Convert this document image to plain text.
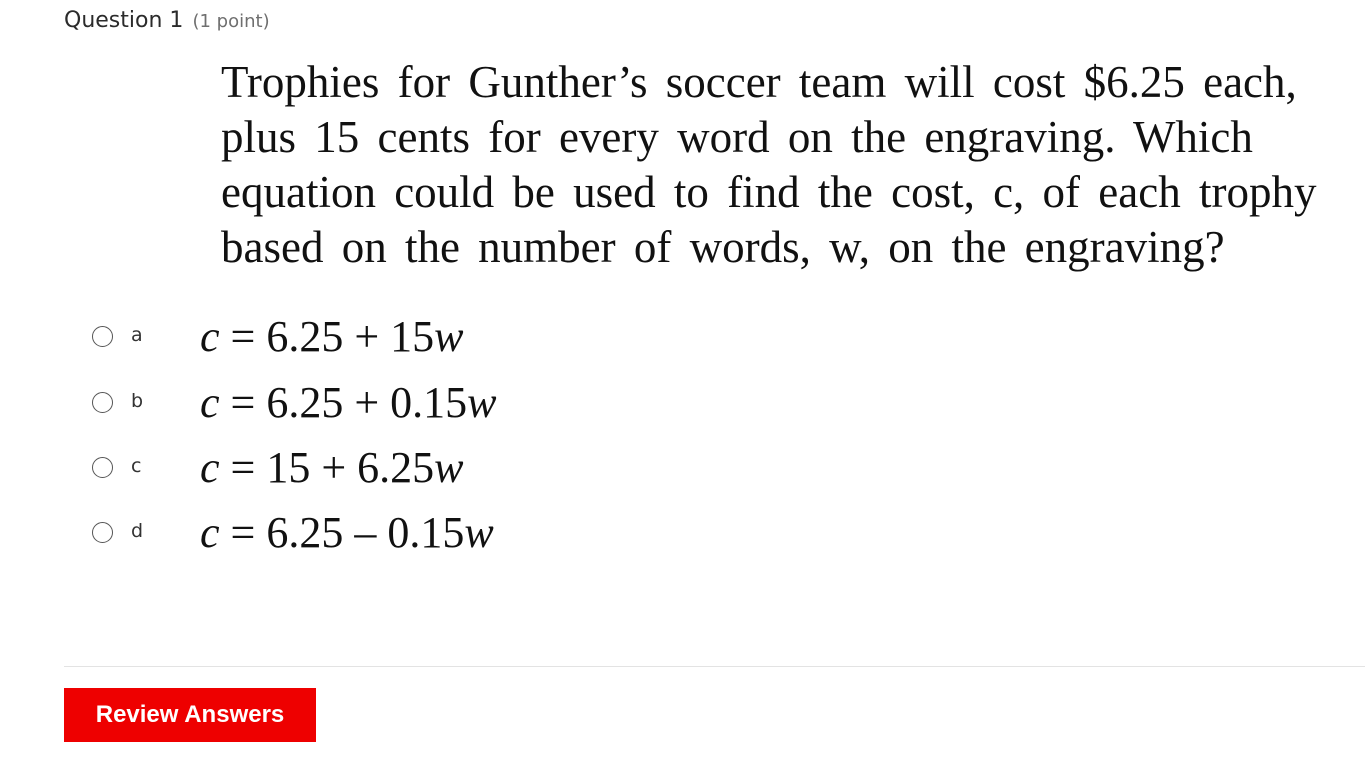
Question 1 (1 point)
Trophies for Gunther’s soccer team will cost $6.25 each,
plus 15 cents for every word on the engraving. Which
equation could be used to find the cost, c, of each trophy
based on the number of words, w, on the engraving?
a c = 6.25 + 15w
b c = 6.25 + 0.15w
c c = 15 + 6.25w
d c = 6.25 – 0.15w
Review Answers
